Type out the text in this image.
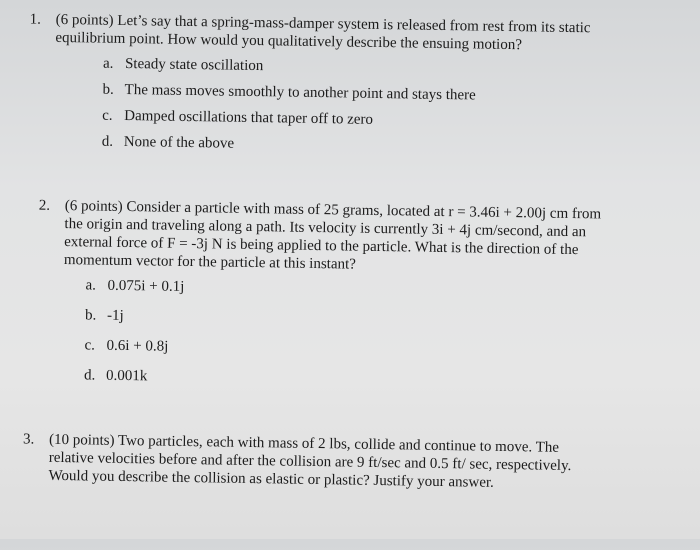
1. (6 points) Let’s say that a spring-mass-damper system is released from rest from its static
equilibrium point. How would you qualitatively describe the ensuing motion?
a. Steady state oscillation
b. The mass moves smoothly to another point and stays there
c. Damped oscillations that taper off to zero
d. None of the above
2. (6 points) Consider a particle with mass of 25 grams, located at r = 3.46i + 2.00j cm from
the origin and traveling along a path. Its velocity is currently 3i + 4j cm/second, and an
external force of F = -3j N is being applied to the particle. What is the direction of the
momentum vector for the particle at this instant?
a. 0.075i + 0.1j
b. -1j
c. 0.6i + 0.8j
d. 0.001k
3. (10 points) Two particles, each with mass of 2 lbs, collide and continue to move. The
relative velocities before and after the collision are 9 ft/sec and 0.5 ft/ sec, respectively.
Would you describe the collision as elastic or plastic? Justify your answer.
